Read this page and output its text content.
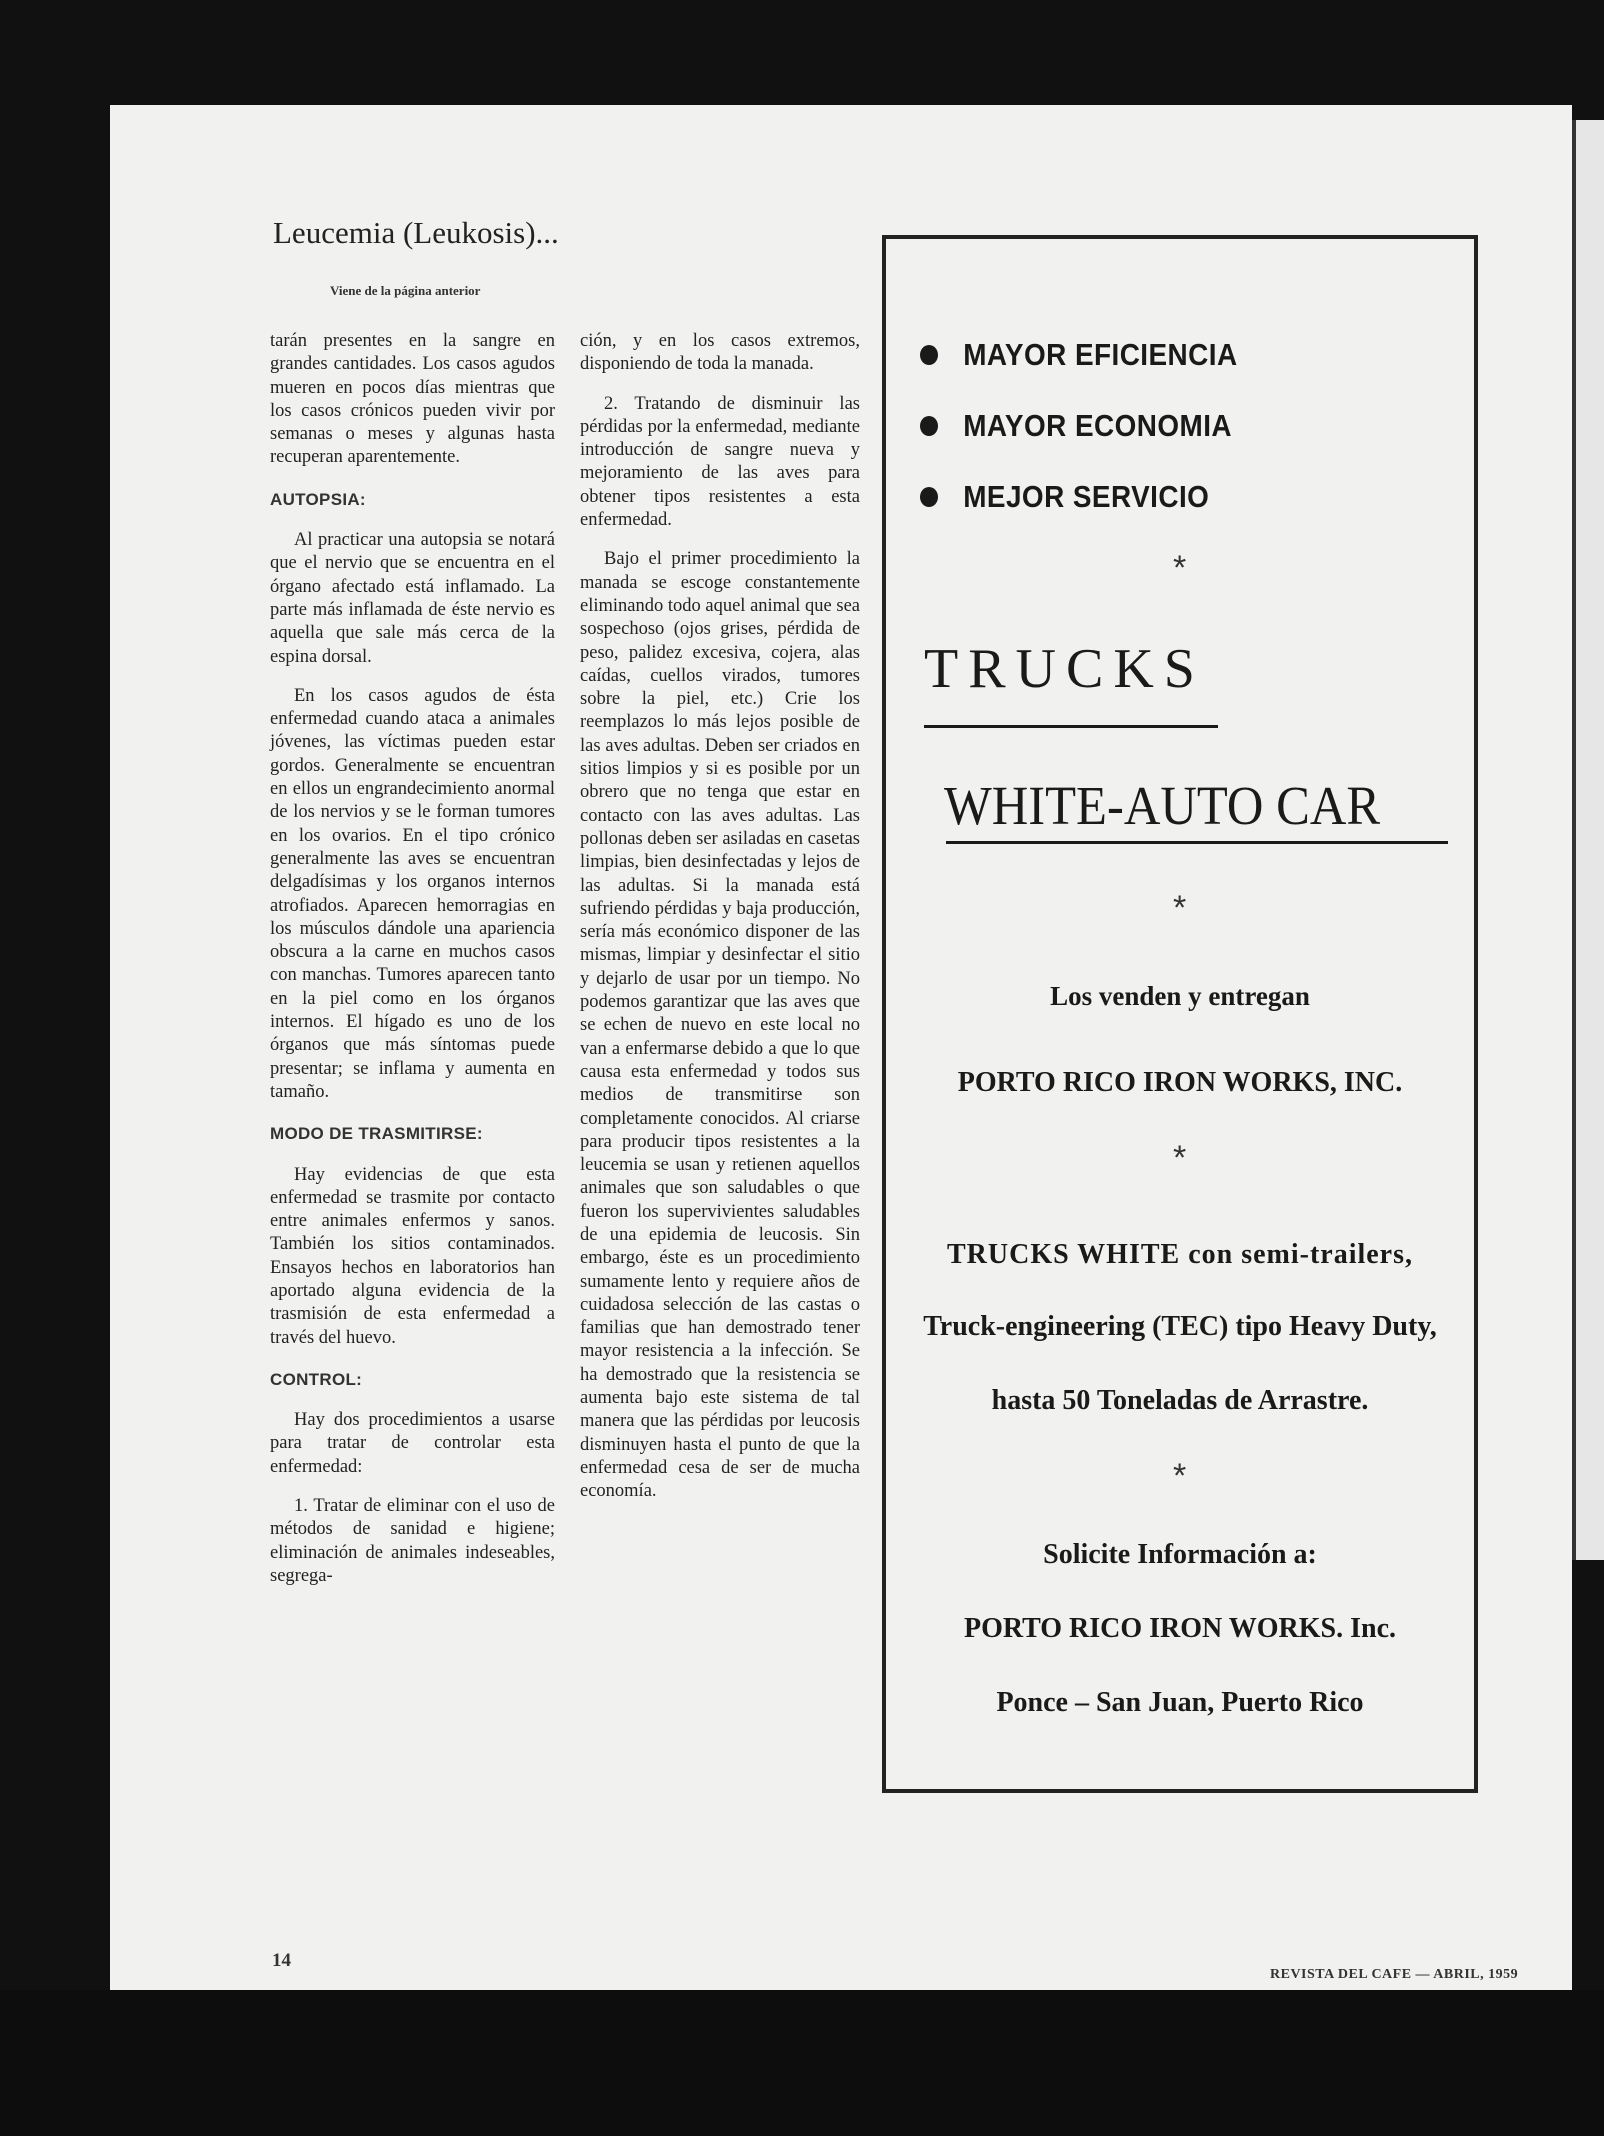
Leucemia (Leukosis)...
Viene de la página anterior

tarán presentes en la sangre en grandes cantidades. Los casos agudos mueren en pocos días mientras que los casos crónicos pueden vivir por semanas o meses y algunas hasta recuperan aparentemente.

AUTOPSIA:

Al practicar una autopsia se notará que el nervio que se encuentra en el órgano afectado está inflamado. La parte más inflamada de éste nervio es aquella que sale más cerca de la espina dorsal.

En los casos agudos de ésta enfermedad cuando ataca a animales jóvenes, las víctimas pueden estar gordos. Generalmente se encuentran en ellos un engrandecimiento anormal de los nervios y se le forman tumores en los ovarios. En el tipo crónico generalmente las aves se encuentran delgadísimas y los organos internos atrofiados. Aparecen hemorragias en los músculos dándole una apariencia obscura a la carne en muchos casos con manchas. Tumores aparecen tanto en la piel como en los órganos internos. El hígado es uno de los órganos que más síntomas puede presentar; se inflama y aumenta en tamaño.

MODO DE TRASMITIRSE:

Hay evidencias de que esta enfermedad se trasmite por contacto entre animales enfermos y sanos. También los sitios contaminados. Ensayos hechos en laboratorios han aportado alguna evidencia de la trasmisión de esta enfermedad a través del huevo.

CONTROL:

Hay dos procedimientos a usarse para tratar de controlar esta enfermedad:

1. Tratar de eliminar con el uso de métodos de sanidad e higiene; eliminación de animales indeseables, segrega-

ción, y en los casos extremos, disponiendo de toda la manada.

2. Tratando de disminuir las pérdidas por la enfermedad, mediante introducción de sangre nueva y mejoramiento de las aves para obtener tipos resistentes a esta enfermedad.

Bajo el primer procedimiento la manada se escoge constantemente eliminando todo aquel animal que sea sospechoso (ojos grises, pérdida de peso, palidez excesiva, cojera, alas caídas, cuellos virados, tumores sobre la piel, etc.) Crie los reemplazos lo más lejos posible de las aves adultas. Deben ser criados en sitios limpios y si es posible por un obrero que no tenga que estar en contacto con las aves adultas. Las pollonas deben ser asiladas en casetas limpias, bien desinfectadas y lejos de las adultas. Si la manada está sufriendo pérdidas y baja producción, sería más económico disponer de las mismas, limpiar y desinfectar el sitio y dejarlo de usar por un tiempo. No podemos garantizar que las aves que se echen de nuevo en este local no van a enfermarse debido a que lo que causa esta enfermedad y todos sus medios de transmitirse son completamente conocidos. Al criarse para producir tipos resistentes a la leucemia se usan y retienen aquellos animales que son saludables o que fueron los supervivientes saludables de una epidemia de leucosis. Sin embargo, éste es un procedimiento sumamente lento y requiere años de cuidadosa selección de las castas o familias que han demostrado tener mayor resistencia a la infección. Se ha demostrado que la resistencia se aumenta bajo este sistema de tal manera que las pérdidas por leucosis disminuyen hasta el punto de que la enfermedad cesa de ser de mucha economía.

MAYOR EFICIENCIA
MAYOR ECONOMIA
MEJOR SERVICIO
*
TRUCKS
WHITE-AUTO CAR
*
Los venden y entregan
PORTO RICO IRON WORKS, INC.
*
TRUCKS WHITE con semi-trailers,
Truck-engineering (TEC) tipo Heavy Duty,
hasta 50 Toneladas de Arrastre.
*
Solicite Información a:
PORTO RICO IRON WORKS. Inc.
Ponce – San Juan, Puerto Rico
14
REVISTA DEL CAFE — ABRIL, 1959
